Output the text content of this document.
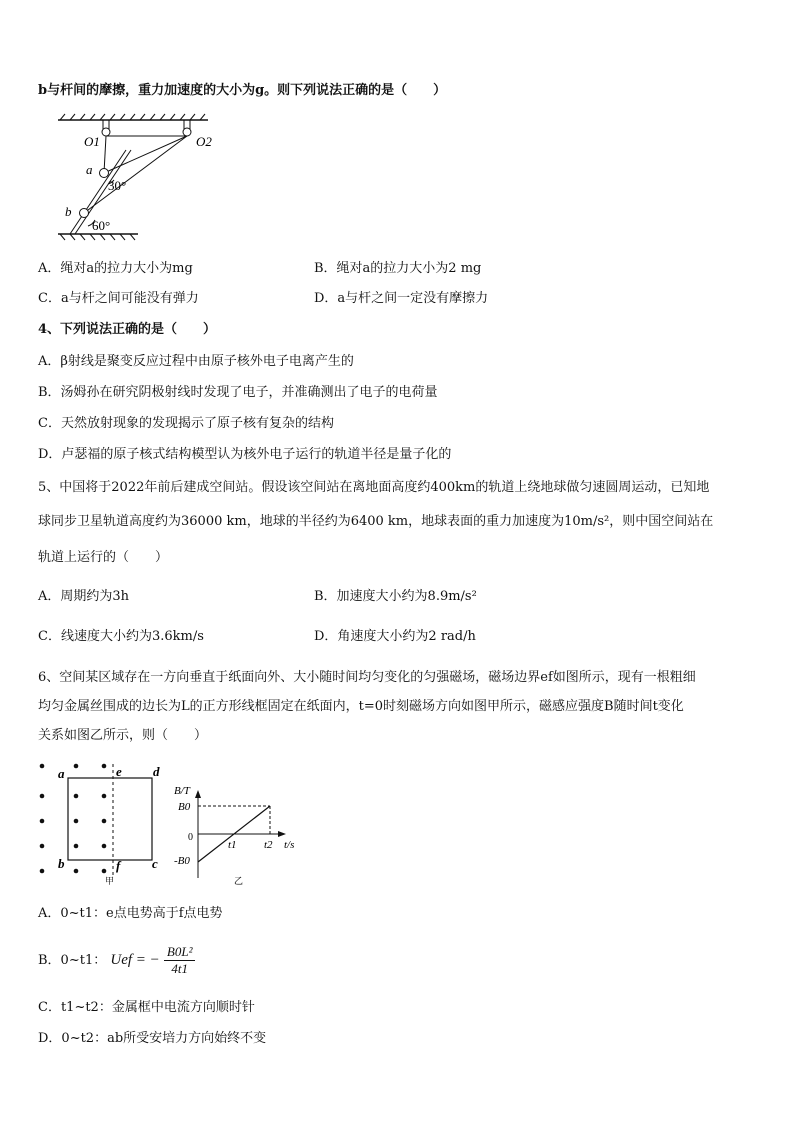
b与杆间的摩擦，重力加速度的大小为g。则下列说法正确的是（　　）
O1	O2
a
b
30°
60°
A．绳对a的拉力大小为mg	B．绳对a的拉力大小为2 mg
C．a与杆之间可能没有弹力	D．a与杆之间一定没有摩擦力
4、下列说法正确的是（　　）
A．β射线是聚变反应过程中由原子核外电子电离产生的
B．汤姆孙在研究阴极射线时发现了电子，并准确测出了电子的电荷量
C．天然放射现象的发现揭示了原子核有复杂的结构
D．卢瑟福的原子核式结构模型认为核外电子运行的轨道半径是量子化的
5、中国将于2022年前后建成空间站。假设该空间站在离地面高度约400km的轨道上绕地球做匀速圆周运动，已知地
球同步卫星轨道高度约为36000 km，地球的半径约为6400 km，地球表面的重力加速度为10m/s²，则中国空间站在
轨道上运行的（　　）
A．周期约为3h	B．加速度大小约为8.9m/s²
C．线速度大小约为3.6km/s	D．角速度大小约为2 rad/h
6、空间某区域存在一方向垂直于纸面向外、大小随时间均匀变化的匀强磁场，磁场边界ef如图所示，现有一根粗细
均匀金属丝围成的边长为L的正方形线框固定在纸面内，t=0时刻磁场方向如图甲所示，磁感应强度B随时间t变化
关系如图乙所示，则（　　）
a	e d
b	f c
甲
B/T
B0
0
-B0
t1 t2 t/s
乙
A．0~t1：e点电势高于f点电势
B．0~t1： Uef = − $\frac{\text{B0L²}}{4t1}$
C．t1~t2：金属框中电流方向顺时针
D．0~t2：ab所受安培力方向始终不变
